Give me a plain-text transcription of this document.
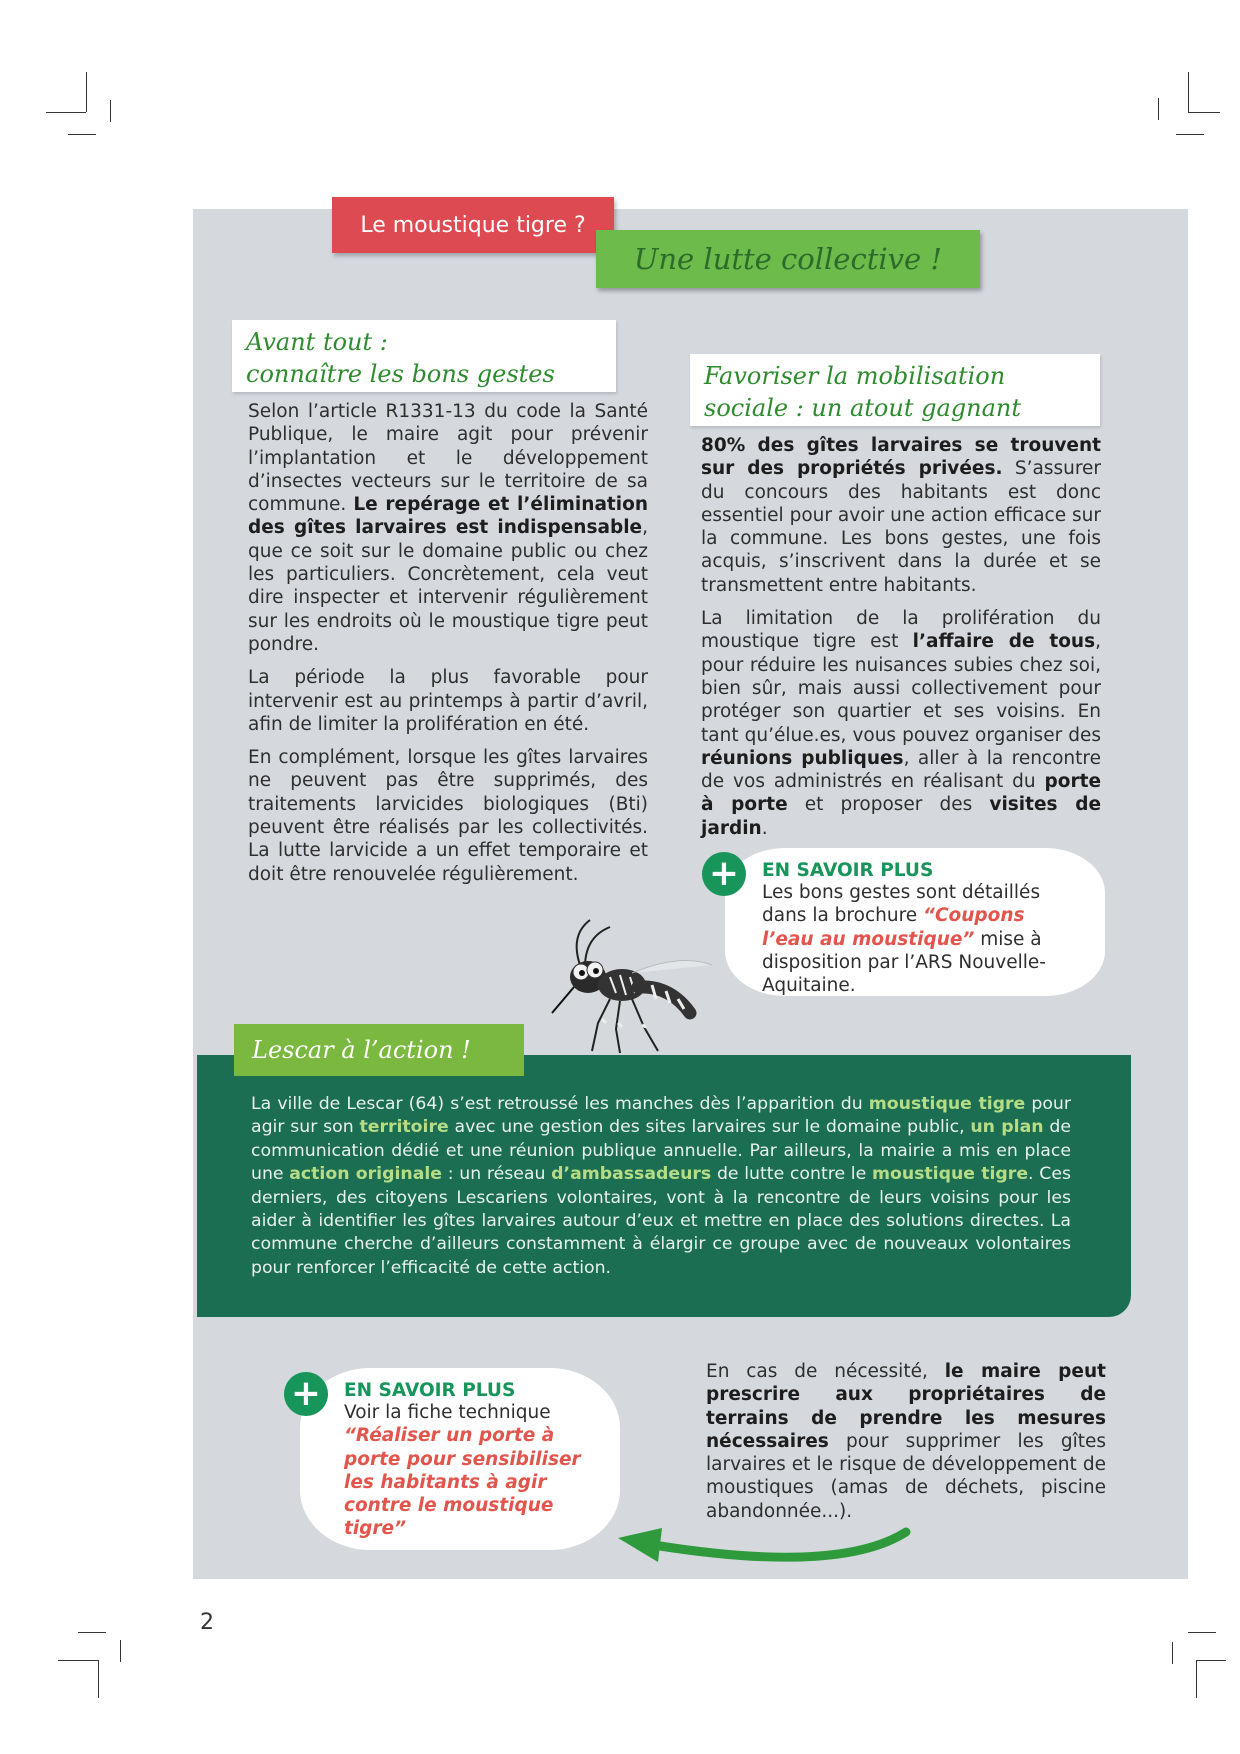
Le moustique tigre ?
Une lutte collective !
Avant tout :
connaître les bons gestes

Selon l’article R1331-13 du code la Santé Publique, le maire agit pour prévenir l’implantation et le développement d’insectes vecteurs sur le territoire de sa commune. Le repérage et l’élimination des gîtes larvaires est indispensable, que ce soit sur le domaine public ou chez les particuliers. Concrètement, cela veut dire inspecter et intervenir régulièrement sur les endroits où le moustique tigre peut pondre.

La période la plus favorable pour intervenir est au printemps à partir d’avril, afin de limiter la prolifération en été.

En complément, lorsque les gîtes larvaires ne peuvent pas être supprimés, des traitements larvicides biologiques (Bti) peuvent être réalisés par les collectivités. La lutte larvicide a un effet temporaire et doit être renouvelée régulièrement.

Favoriser la mobilisation
sociale : un atout gagnant

80% des gîtes larvaires se trouvent sur des propriétés privées. S’assurer du concours des habitants est donc essentiel pour avoir une action efficace sur la commune. Les bons gestes, une fois acquis, s’inscrivent dans la durée et se transmettent entre habitants.

La limitation de la prolifération du moustique tigre est l’affaire de tous, pour réduire les nuisances subies chez soi, bien sûr, mais aussi collectivement pour protéger son quartier et ses voisins. En tant qu’élue.es, vous pouvez organiser des réunions publiques, aller à la rencontre de vos administrés en réalisant du porte à porte et proposer des visites de jardin.

+	EN SAVOIR PLUS
Les bons gestes sont détaillés dans la brochure “Coupons l’eau au moustique” mise à disposition par l’ARS Nouvelle-Aquitaine.
Lescar à l’action !
La ville de Lescar (64) s’est retroussé les manches dès l’apparition du moustique tigre pour agir sur son territoire avec une gestion des sites larvaires sur le domaine public, un plan de communication dédié et une réunion publique annuelle. Par ailleurs, la mairie a mis en place une action originale : un réseau d’ambassadeurs de lutte contre le moustique tigre. Ces derniers, des citoyens Lescariens volontaires, vont à la rencontre de leurs voisins pour les aider à identifier les gîtes larvaires autour d’eux et mettre en place des solutions directes. La commune cherche d’ailleurs constamment à élargir ce groupe avec de nouveaux volontaires pour renforcer l’efficacité de cette action.
+	EN SAVOIR PLUS
Voir la fiche technique
“Réaliser un porte à porte pour sensibiliser les habitants à agir contre le moustique tigre”

En cas de nécessité, le maire peut prescrire aux propriétaires de terrains de prendre les mesures nécessaires pour supprimer les gîtes larvaires et le risque de développement de moustiques (amas de déchets, piscine abandonnée...).

2
